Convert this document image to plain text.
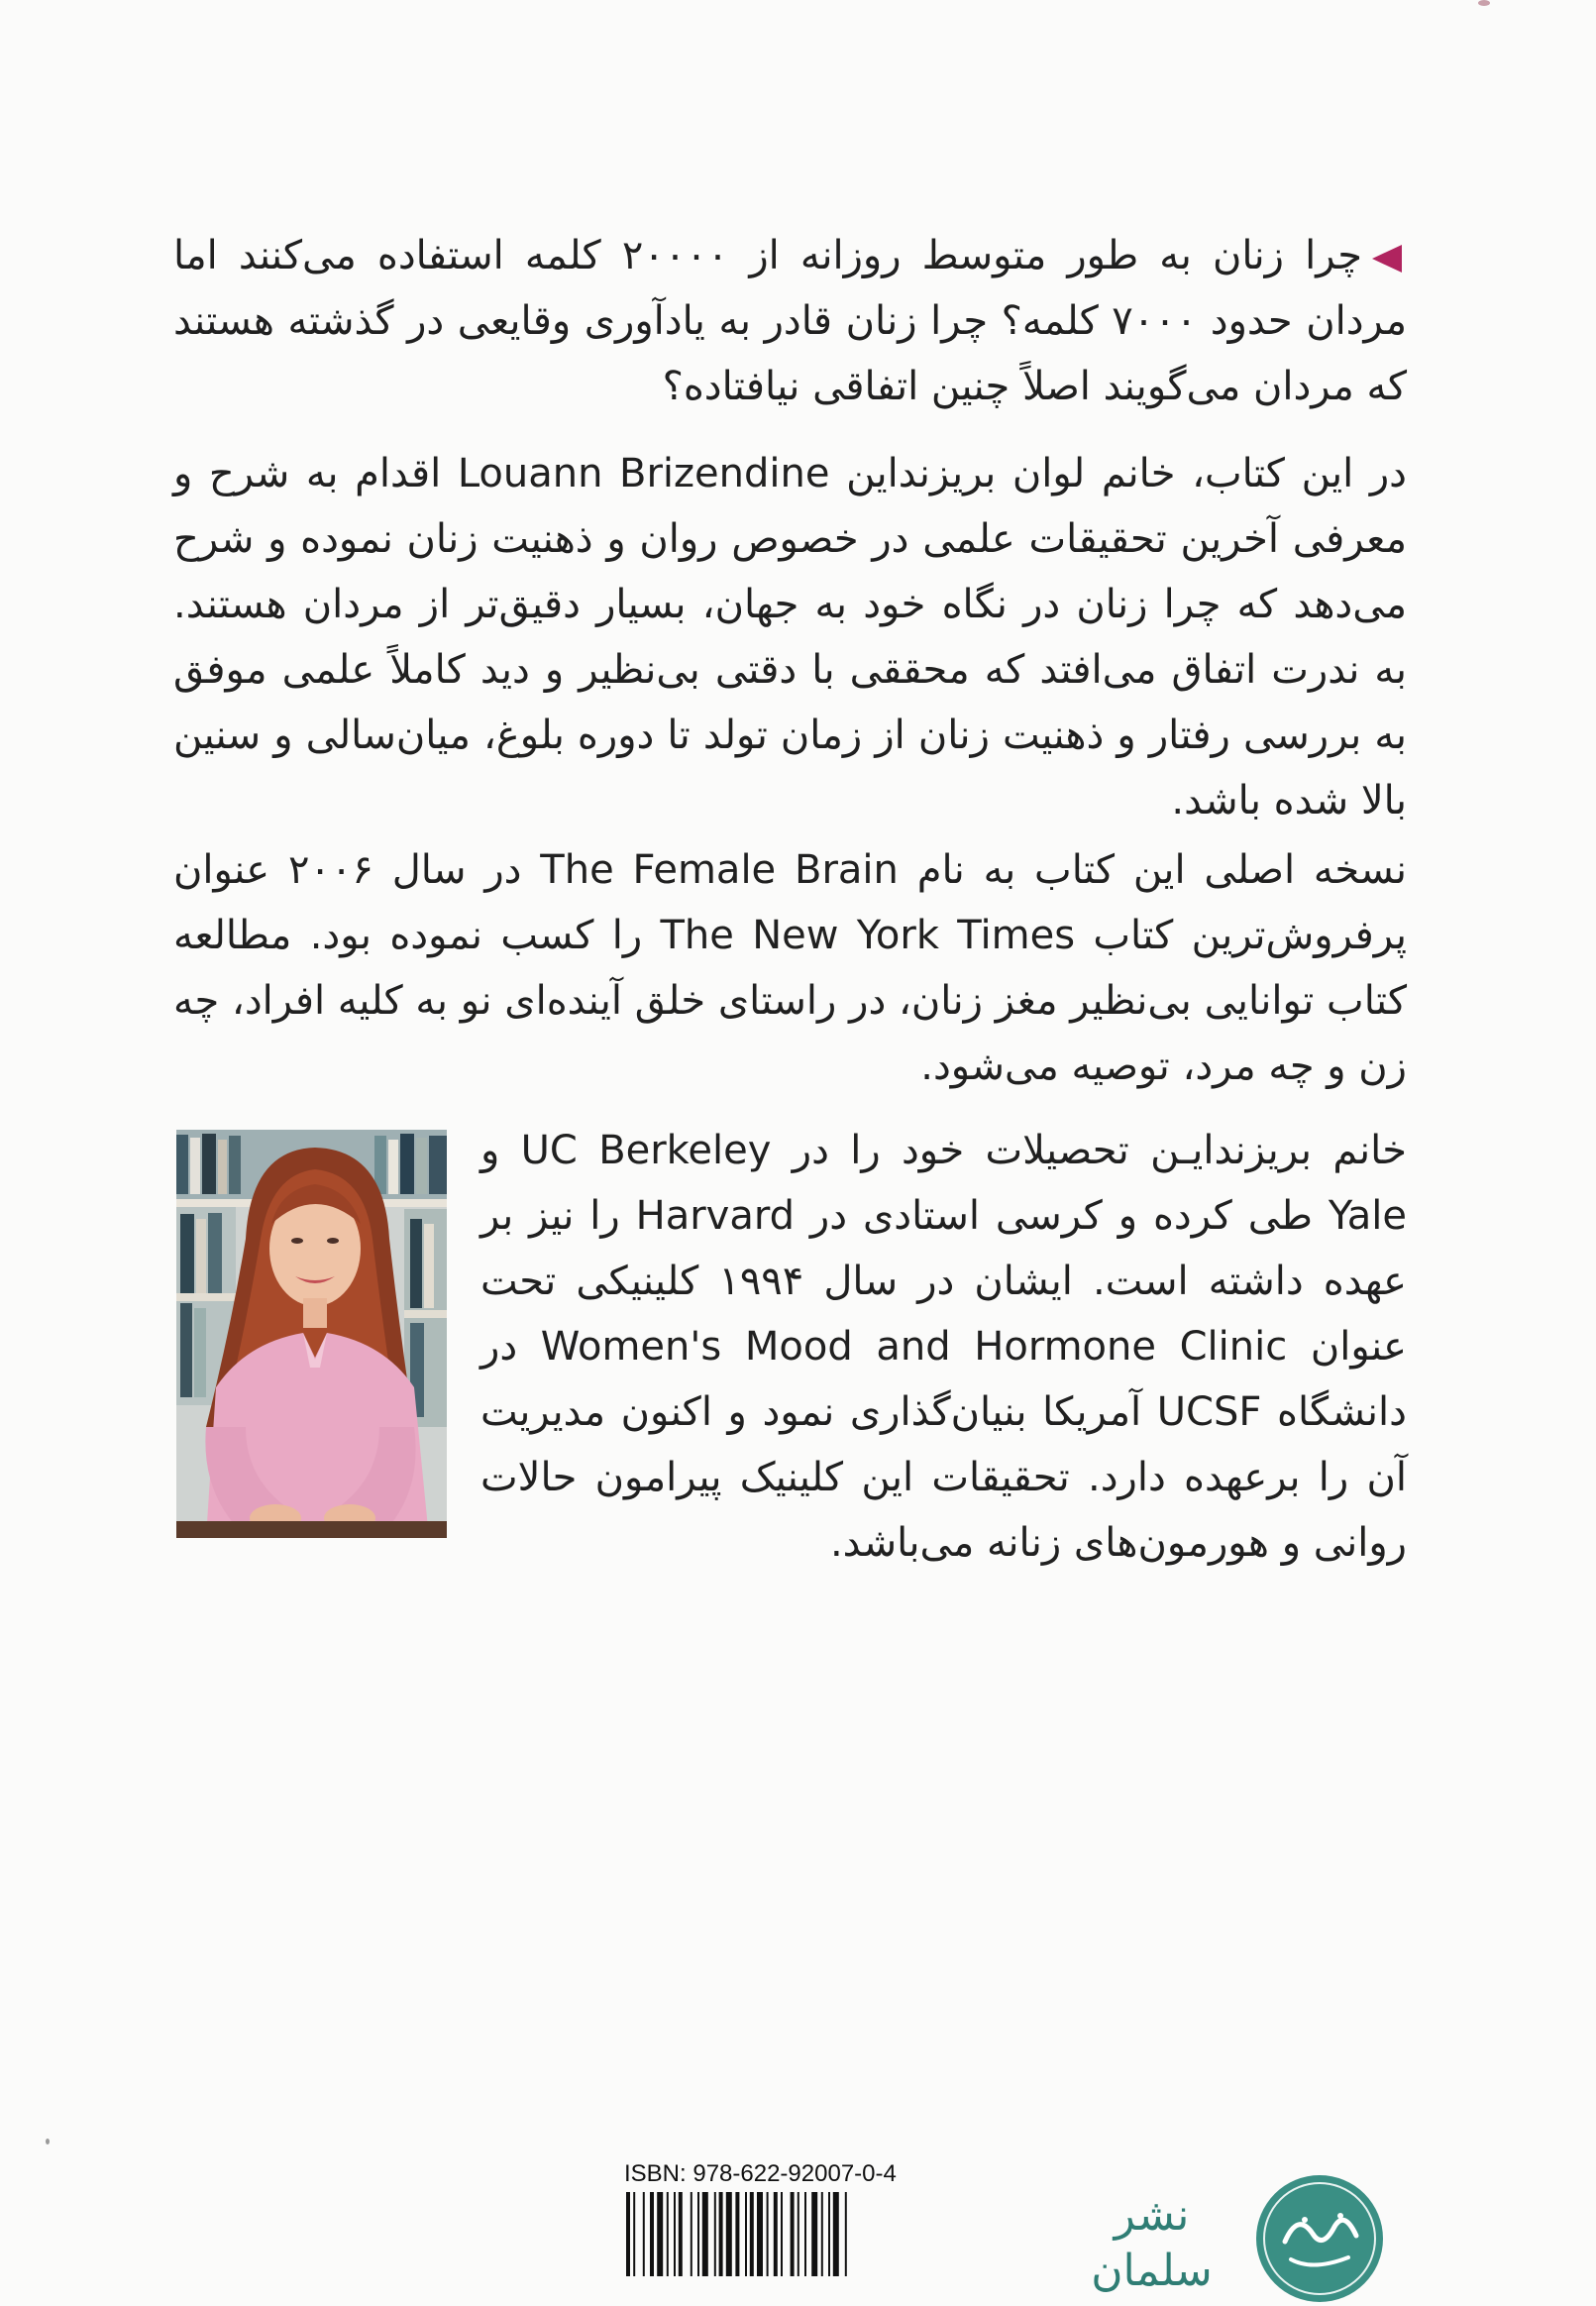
چرا زنان به طور متوسط روزانه از ۲۰۰۰۰ کلمه استفاده می‌کنند اما مردان حدود ۷۰۰۰ کلمه؟ چرا زنان قادر به یادآوری وقایعی در گذشته هستند که مردان می‌گویند اصلاً چنین اتفاقی نیافتاده؟
در این کتاب، خانم لوان بریزنداین Louann Brizendine اقدام به شرح و معرفی آخرین تحقیقات علمی در خصوص روان و ذهنیت زنان نموده و شرح می‌دهد که چرا زنان در نگاه خود به جهان، بسیار دقیق‌تر از مردان هستند. به ندرت اتفاق می‌افتد که محققی با دقتی بی‌نظیر و دید کاملاً علمی موفق به بررسی رفتار و ذهنیت زنان از زمان تولد تا دوره بلوغ، میان‌سالی و سنین بالا شده باشد.
نسخه اصلی این کتاب به نام The Female Brain در سال ۲۰۰۶ عنوان پرفروش‌ترین کتاب The New York Times را کسب نموده بود. مطالعه کتاب توانایی بی‌نظیر مغز زنان، در راستای خلق آینده‌ای نو به کلیه افراد، چه زن و چه مرد، توصیه می‌شود.
خانم بریزندایـن تحصیلات خود را در UC Berkeley و Yale طی کرده و کرسی استادی در Harvard را نیز بر عهده داشته است. ایشان در سال ۱۹۹۴ کلینیکی تحت عنوان Women's Mood and Hormone Clinic در دانشگاه UCSF آمریکا بنیان‌گذاری نمود و اکنون مدیریت آن را برعهده دارد. تحقیقات این کلینیک پیرامون حالات روانی و هورمون‌های زنانه می‌باشد.
ISBN: 978-622-92007-0-4
نشر
سلمان
